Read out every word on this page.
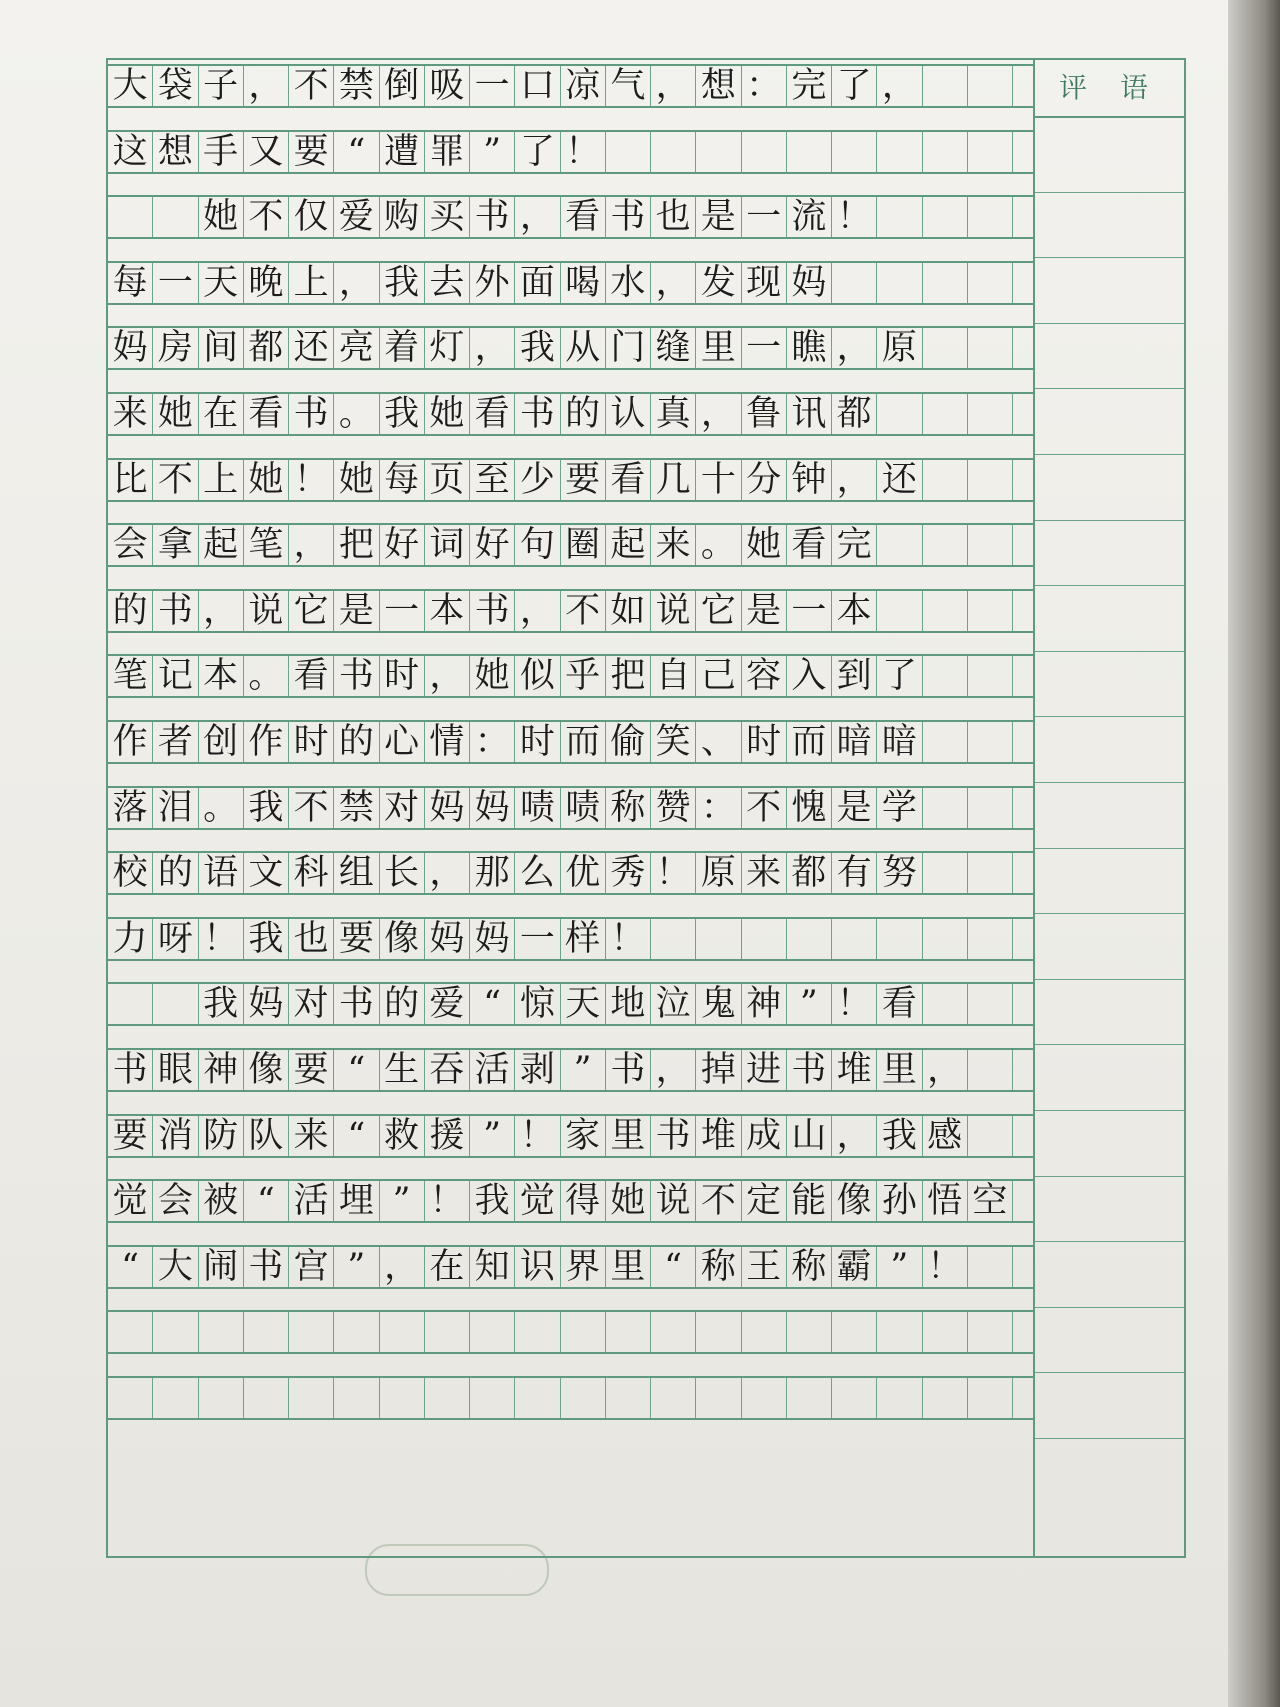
大 袋 子 ， 不 禁 倒 吸 一 口 凉 气 ， 想 ： 完 了 ，
这 想 手 又 要 “ 遭 罪 ” 了 ！
她 不 仅 爱 购 买 书 ， 看 书 也 是 一 流 ！
每 一 天 晚 上 ， 我 去 外 面 喝 水 ， 发 现 妈
妈 房 间 都 还 亮 着 灯 ， 我 从 门 缝 里 一 瞧 ， 原
来 她 在 看 书 。 我 她 看 书 的 认 真 ， 鲁 讯 都
比 不 上 她 ！ 她 每 页 至 少 要 看 几 十 分 钟 ， 还
会 拿 起 笔 ， 把 好 词 好 句 圈 起 来 。 她 看 完
的 书 ， 说 它 是 一 本 书 ， 不 如 说 它 是 一 本
笔 记 本 。 看 书 时 ， 她 似 乎 把 自 己 容 入 到 了
作 者 创 作 时 的 心 情 ： 时 而 偷 笑 、 时 而 暗 暗
落 泪 。 我 不 禁 对 妈 妈 啧 啧 称 赞 ： 不 愧 是 学
校 的 语 文 科 组 长 ， 那 么 优 秀 ！ 原 来 都 有 努
力 呀 ！ 我 也 要 像 妈 妈 一 样 ！
我 妈 对 书 的 爱 “ 惊 天 地 泣 鬼 神 ” ！ 看
书 眼 神 像 要 “ 生 吞 活 剥 ” 书 ， 掉 进 书 堆 里 ，
要 消 防 队 来 “ 救 援 ” ！ 家 里 书 堆 成 山 ， 我 感
觉 会 被 “ 活 埋 ” ！ 我 觉 得 她 说 不 定 能 像 孙 悟 空
“ 大 闹 书 宫 ” ， 在 知 识 界 里 “ 称 王 称 霸 ” ！
评 语
